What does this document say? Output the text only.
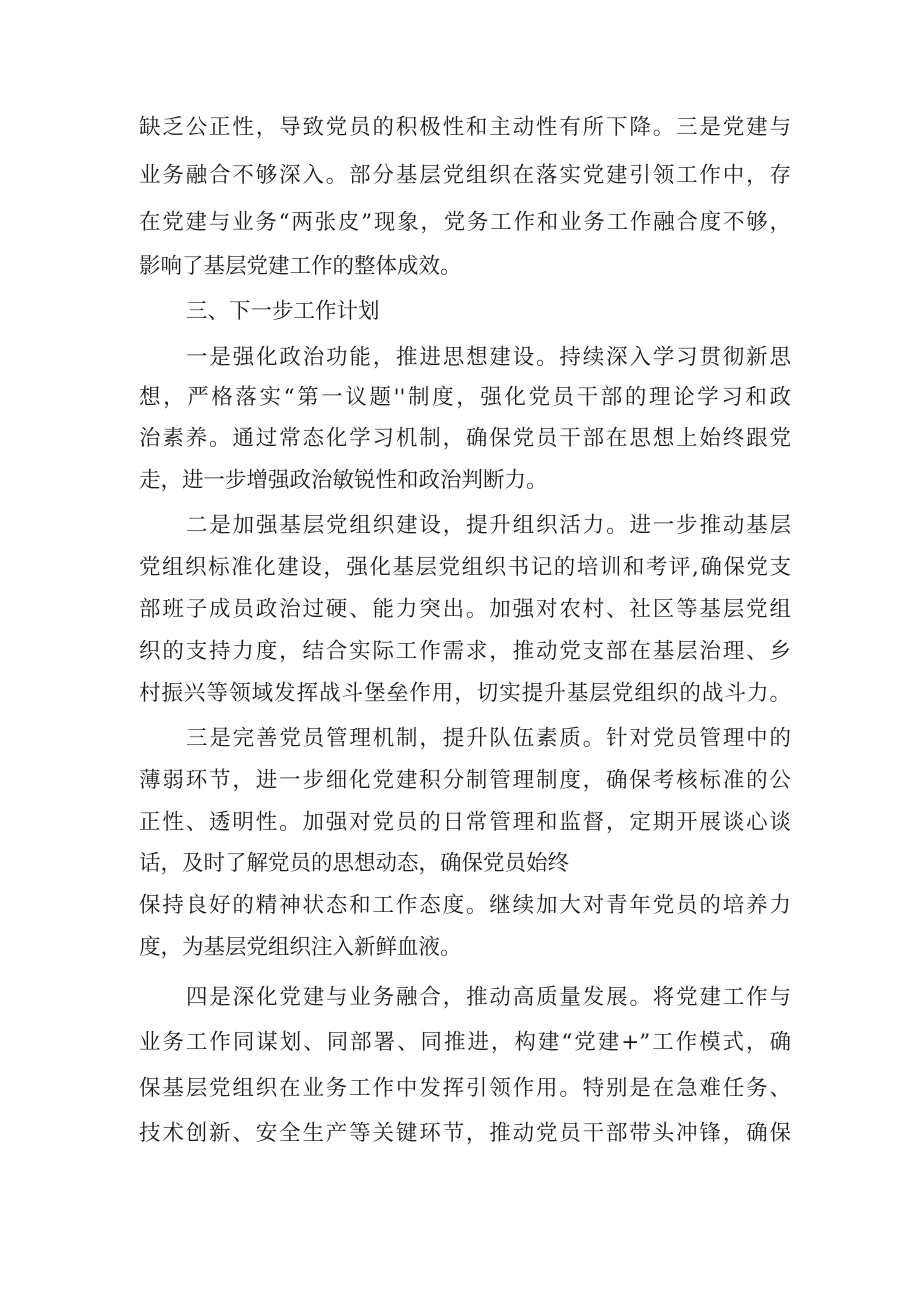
缺乏公正性，导致党员的积极性和主动性有所下降。三是党建与

业务融合不够深入。部分基层党组织在落实党建引领工作中，存

在党建与业务“两张皮”现象，党务工作和业务工作融合度不够，

影响了基层党建工作的整体成效。

三、下一步工作计划

一是强化政治功能，推进思想建设。持续深入学习贯彻新思

想，严格落实“第一议题''制度，强化党员干部的理论学习和政

治素养。通过常态化学习机制，确保党员干部在思想上始终跟党

走，进一步增强政治敏锐性和政治判断力。

二是加强基层党组织建设，提升组织活力。进一步推动基层

党组织标准化建设，强化基层党组织书记的培训和考评,确保党支

部班子成员政治过硬、能力突出。加强对农村、社区等基层党组

织的支持力度，结合实际工作需求，推动党支部在基层治理、乡

村振兴等领域发挥战斗堡垒作用，切实提升基层党组织的战斗力。

三是完善党员管理机制，提升队伍素质。针对党员管理中的

薄弱环节，进一步细化党建积分制管理制度，确保考核标准的公

正性、透明性。加强对党员的日常管理和监督，定期开展谈心谈

话，及时了解党员的思想动态，确保党员始终

保持良好的精神状态和工作态度。继续加大对青年党员的培养力

度，为基层党组织注入新鲜血液。

四是深化党建与业务融合，推动高质量发展。将党建工作与

业务工作同谋划、同部署、同推进，构建“党建+”工作模式，确

保基层党组织在业务工作中发挥引领作用。特别是在急难任务、

技术创新、安全生产等关键环节，推动党员干部带头冲锋，确保
